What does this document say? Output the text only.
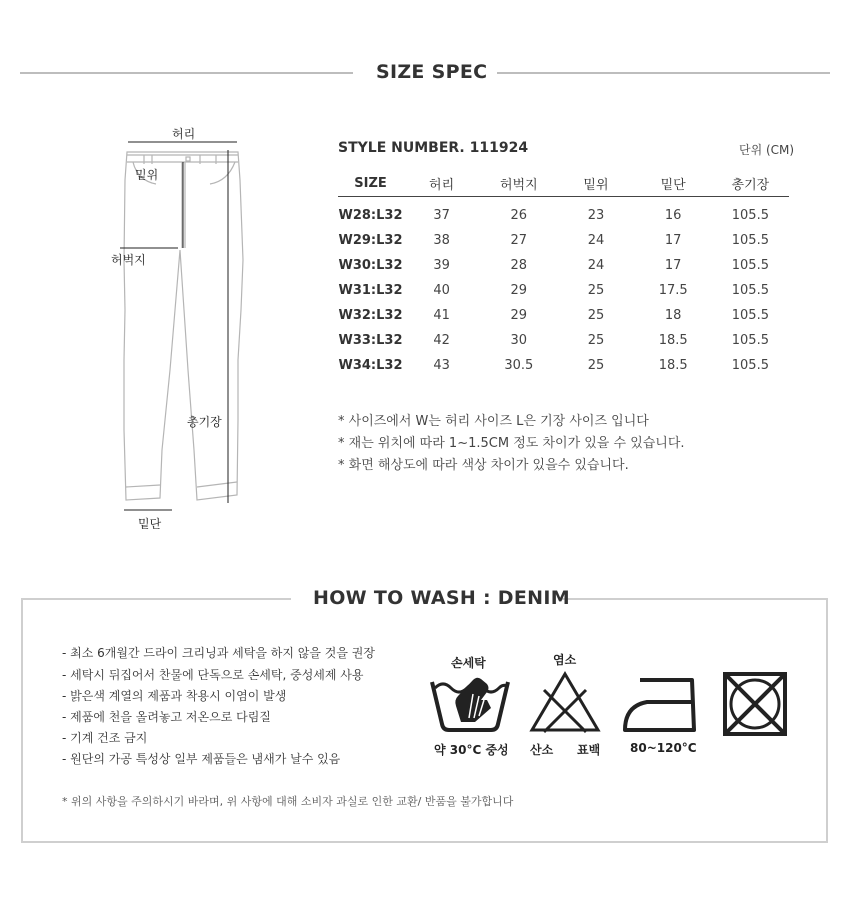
SIZE SPEC
허리
밑위
허벅지
총기장
밑단
STYLE NUMBER. 111924	단위 (CM)
SIZE	허리	허벅지	밑위	밑단	총기장
W28:L32	37	26	23	16	105.5
W29:L32	38	27	24	17	105.5
W30:L32	39	28	24	17	105.5
W31:L32	40	29	25	17.5	105.5
W32:L32	41	29	25	18	105.5
W33:L32	42	30	25	18.5	105.5
W34:L32	43	30.5	25	18.5	105.5
* 사이즈에서 W는 허리 사이즈 L은 기장 사이즈 입니다
* 재는 위치에 따라 1~1.5CM 정도 차이가 있을 수 있습니다.
* 화면 해상도에 따라 색상 차이가 있을수 있습니다.
HOW TO WASH : DENIM
- 최소 6개월간 드라이 크리닝과 세탁을 하지 않을 것을 권장
- 세탁시 뒤집어서 찬물에 단독으로 손세탁, 중성세제 사용
- 밝은색 계열의 제품과 착용시 이염이 발생
- 제품에 천을 올려놓고 저온으로 다림질
- 기계 건조 금지
- 원단의 가공 특성상 일부 제품들은 냄새가 날수 있음
* 위의 사항을 주의하시기 바라며, 위 사항에 대해 소비자 과실로 인한 교환/ 반품을 불가합니다
손세탁
약 30°C 중성
염소
산소 표백 80~120°C
